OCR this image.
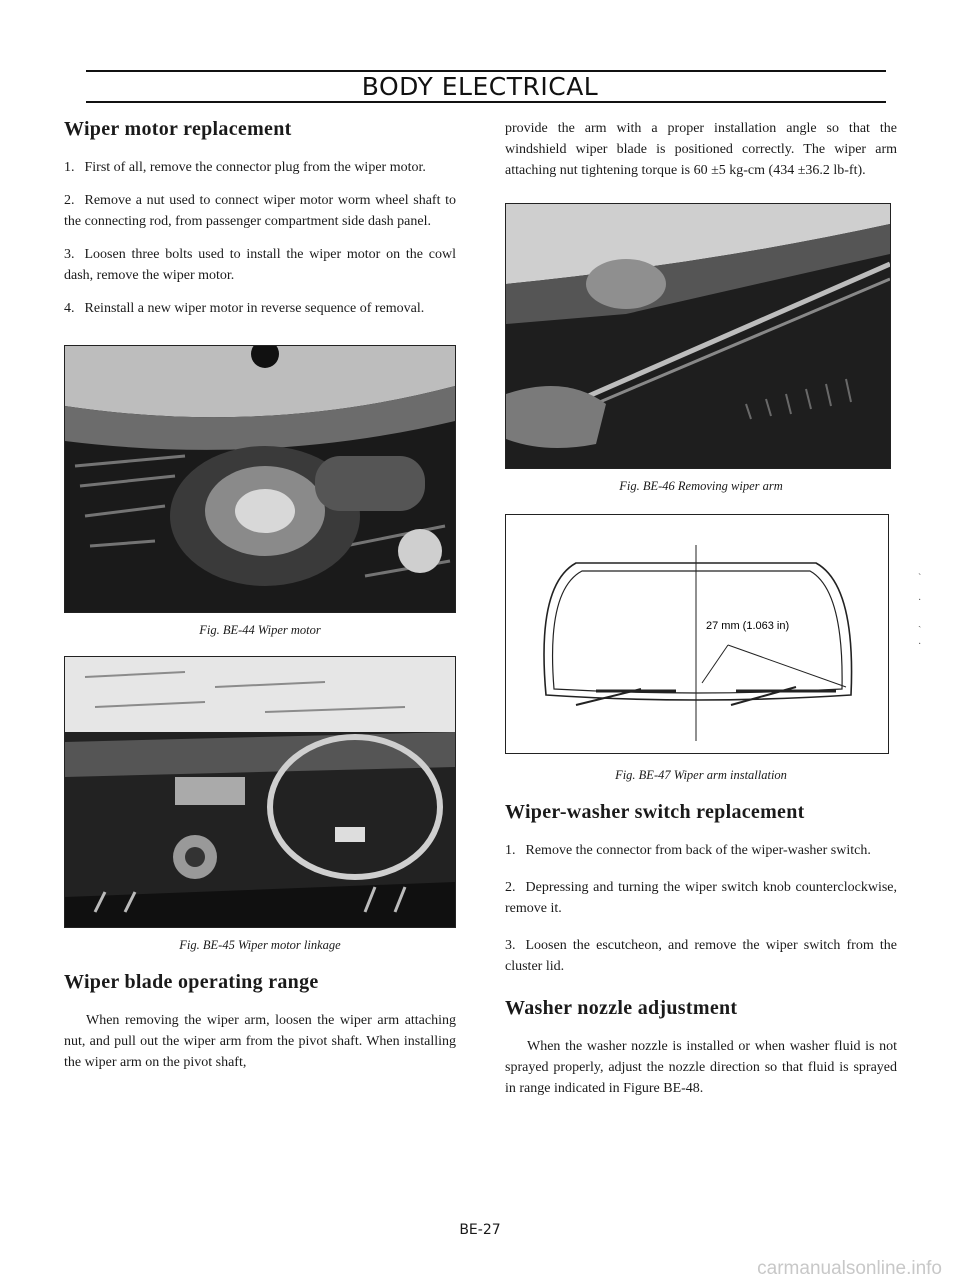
BODY ELECTRICAL
Wiper motor replacement

1. First of all, remove the connector plug from the wiper motor.

2. Remove a nut used to connect wiper motor worm wheel shaft to the connecting rod, from passenger compartment side dash panel.

3. Loosen three bolts used to install the wiper motor on the cowl dash, remove the wiper motor.

4. Reinstall a new wiper motor in reverse sequence of removal.

Fig. BE-44 Wiper motor

Fig. BE-45 Wiper motor linkage

Wiper blade operating range

When removing the wiper arm, loosen the wiper arm attaching nut, and pull out the wiper arm from the pivot shaft. When installing the wiper arm on the pivot shaft,

provide the arm with a proper installation angle so that the windshield wiper blade is positioned correctly. The wiper arm attaching nut tightening torque is 60 ±5 kg-cm (434 ±36.2 lb-ft).

Fig. BE-46 Removing wiper arm

27 mm (1.063 in)

Fig. BE-47 Wiper arm installation

Wiper-washer switch replacement

1. Remove the connector from back of the wiper-washer switch.

2. Depressing and turning the wiper switch knob counterclockwise, remove it.

3. Loosen the escutcheon, and remove the wiper switch from the cluster lid.

Washer nozzle adjustment

When the washer nozzle is installed or when washer fluid is not sprayed properly, adjust the nozzle direction so that fluid is sprayed in range indicated in Figure BE-48.

ˋ
·
ˏ
·
BE-27
carmanualsonline.info
